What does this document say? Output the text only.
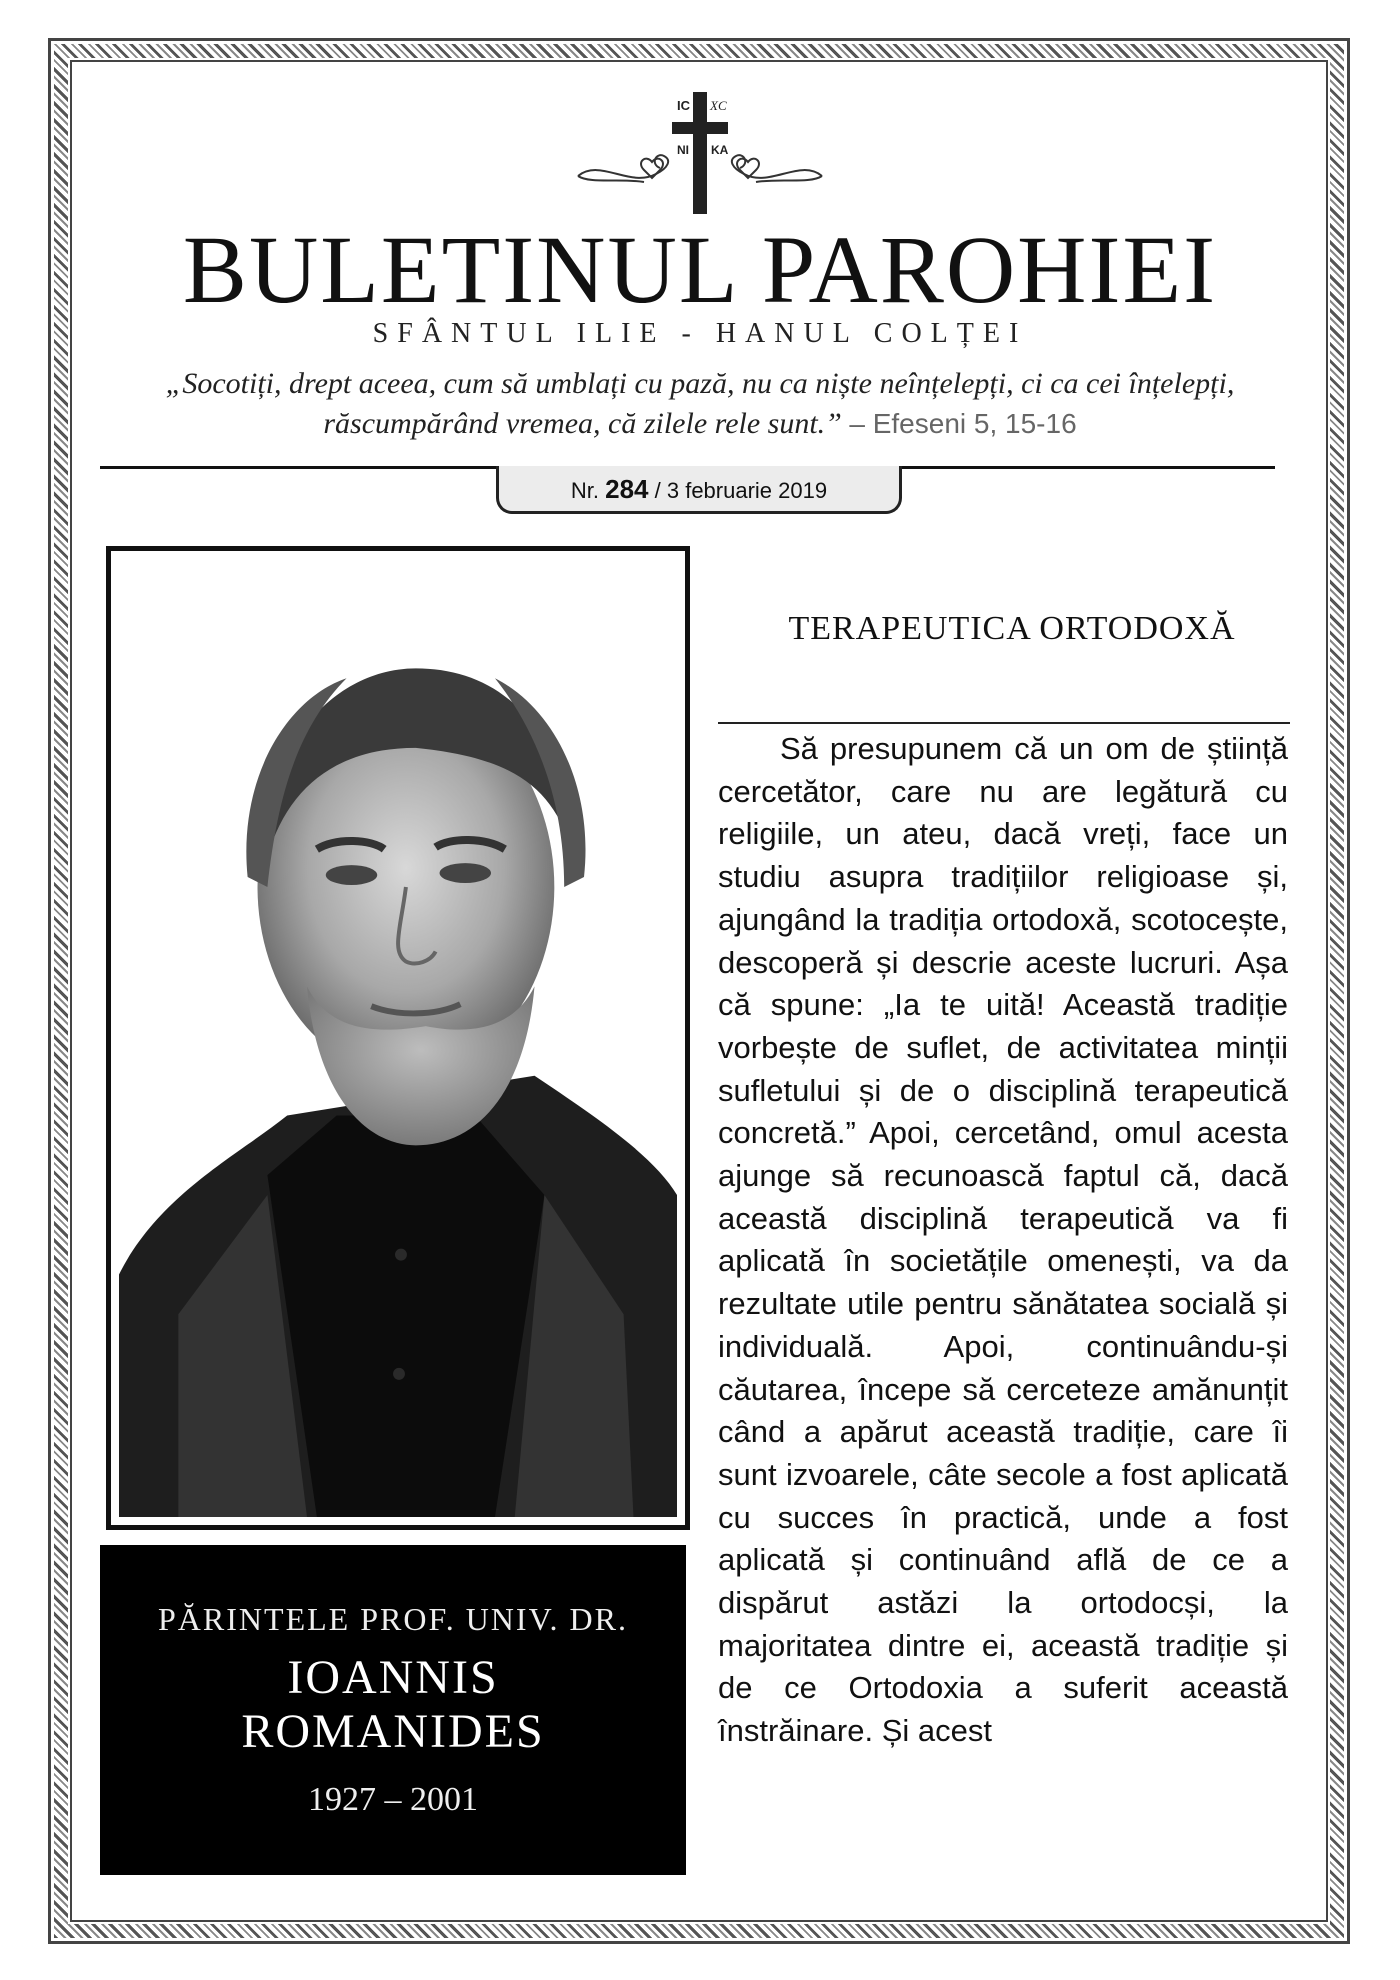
IC XC
NI KA
BULETINUL PAROHIEI
SFÂNTUL ILIE - HANUL COLȚEI
„Socotiți, drept aceea, cum să umblați cu pază, nu ca niște neînțelepți, ci ca cei înțelepți, răscumpărând vremea, că zilele rele sunt.” – Efeseni 5, 15-16
Nr. 284 / 3 februarie 2019
PĂRINTELE PROF. UNIV. DR.
IOANNIS
ROMANIDES
1927 – 2001
TERAPEUTICA ORTODOXĂ

Să presupunem că un om de știință cercetător, care nu are legătură cu religiile, un ateu, dacă vreți, face un studiu asupra tradițiilor religioase și, ajungând la tradiția ortodoxă, scotocește, descoperă și descrie aceste lucruri. Așa că spune: „Ia te uită! Această tradiție vorbește de suflet, de activitatea minții sufletului și de o disciplină terapeutică concretă.” Apoi, cercetând, omul acesta ajunge să recunoască faptul că, dacă această disciplină terapeutică va fi aplicată în societățile omenești, va da rezultate utile pentru sănătatea socială și individuală. Apoi, continuându-și căutarea, începe să cerceteze amănunțit când a apărut această tradiție, care îi sunt izvoarele, câte secole a fost aplicată cu succes în practică, unde a fost aplicată și continuând află de ce a dispărut astăzi la ortodocși, la majoritatea dintre ei, această tradiție și de ce Ortodoxia a suferit această înstrăinare. Și acest
